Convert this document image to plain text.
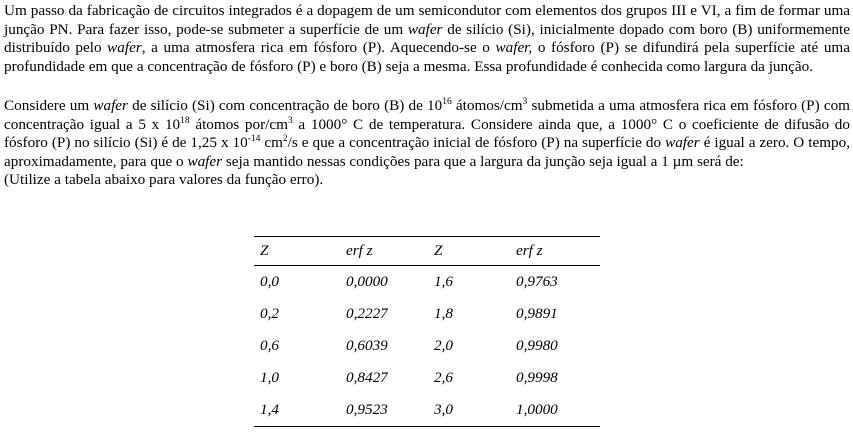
Um passo da fabricação de circuitos integrados é a dopagem de um semicondutor com elementos dos grupos III e VI, a fim de formar uma junção PN. Para fazer isso, pode-se submeter a superfície de um wafer de silício (Si), inicialmente dopado com boro (B) uniformemente distribuído pelo wafer, a uma atmosfera rica em fósforo (P). Aquecendo-se o wafer, o fósforo (P) se difundirá pela superfície até uma profundidade em que a concentração de fósforo (P) e boro (B) seja a mesma. Essa profundidade é conhecida como largura da junção.

Considere um wafer de silício (Si) com concentração de boro (B) de $10^{16}$ átomos/$cm^3$ submetida a uma atmosfera rica em fósforo (P) com concentração igual a 5 x $10^{18}$ átomos por/$cm^3$ a 1000° C de temperatura. Considere ainda que, a 1000° C o coeficiente de difusão do fósforo (P) no silício (Si) é de 1,25 x $10^{-14}$ $cm^2/s$ e que a concentração inicial de fósforo (P) na superfície do wafer é igual a zero. O tempo, aproximadamente, para que o wafer seja mantido nessas condições para que a largura da junção seja igual a 1 µm será de:

(Utilize a tabela abaixo para valores da função erro).

	Z	erf z	Z	erf z
	0,0	0,0000	1,6	0,9763
	0,2	0,2227	1,8	0,9891
	0,6	0,6039	2,0	0,9980
	1,0	0,8427	2,6	0,9998
	1,4	0,9523	3,0	1,0000
